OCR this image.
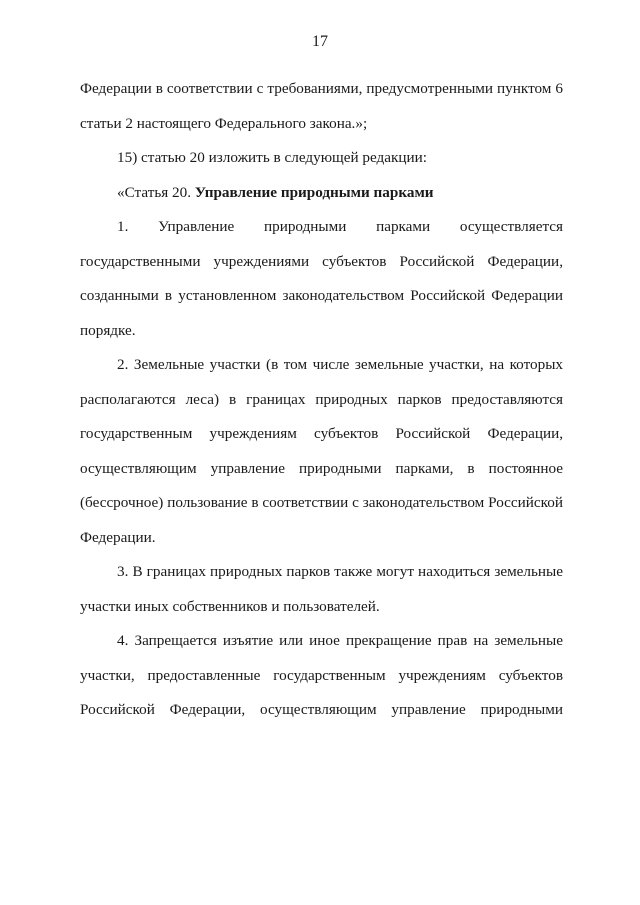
17
Федерации в соответствии с требованиями, предусмотренными пунктом 6
статьи 2 настоящего Федерального закона.»;
15) статью 20 изложить в следующей редакции:
«Статья 20. Управление природными парками
1. Управление природными парками осуществляется
государственными учреждениями субъектов Российской Федерации,
созданными в установленном законодательством Российской Федерации
порядке.
2. Земельные участки (в том числе земельные участки, на которых
располагаются леса) в границах природных парков предоставляются
государственным учреждениям субъектов Российской Федерации,
осуществляющим управление природными парками, в постоянное
(бессрочное) пользование в соответствии с законодательством Российской
Федерации.
3. В границах природных парков также могут находиться земельные
участки иных собственников и пользователей.
4. Запрещается изъятие или иное прекращение прав на земельные
участки, предоставленные государственным учреждениям субъектов
Российской Федерации, осуществляющим управление природными
